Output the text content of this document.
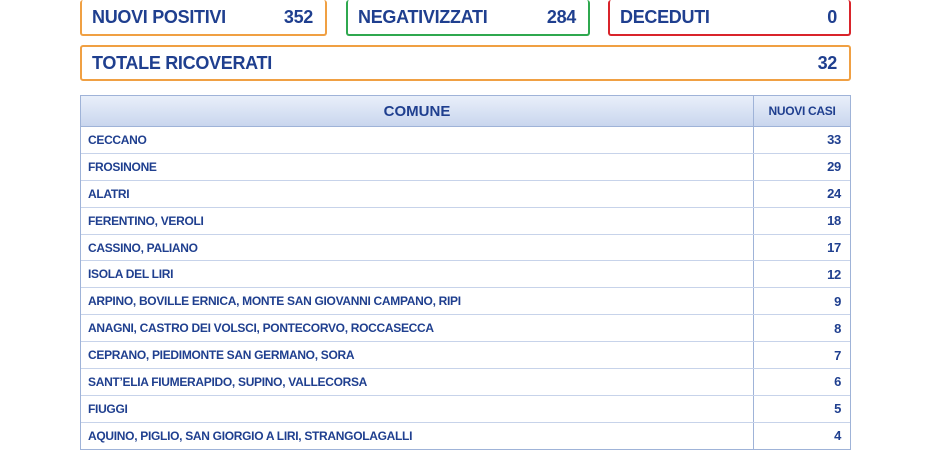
NUOVI POSITIVI	352	NEGATIVIZZATI	284 DECEDUTI	0
TOTALE RICOVERATI	32
COMUNE	NUOVI CASI
CECCANO	33
FROSINONE	29
ALATRI	24
FERENTINO, VEROLI	18
CASSINO, PALIANO	17
ISOLA DEL LIRI	12
ARPINO, BOVILLE ERNICA, MONTE SAN GIOVANNI CAMPANO, RIPI	9
ANAGNI, CASTRO DEI VOLSCI, PONTECORVO, ROCCASECCA	8
CEPRANO, PIEDIMONTE SAN GERMANO, SORA	7
SANT’ELIA FIUMERAPIDO, SUPINO, VALLECORSA	6
FIUGGI	5
AQUINO, PIGLIO, SAN GIORGIO A LIRI, STRANGOLAGALLI	4
